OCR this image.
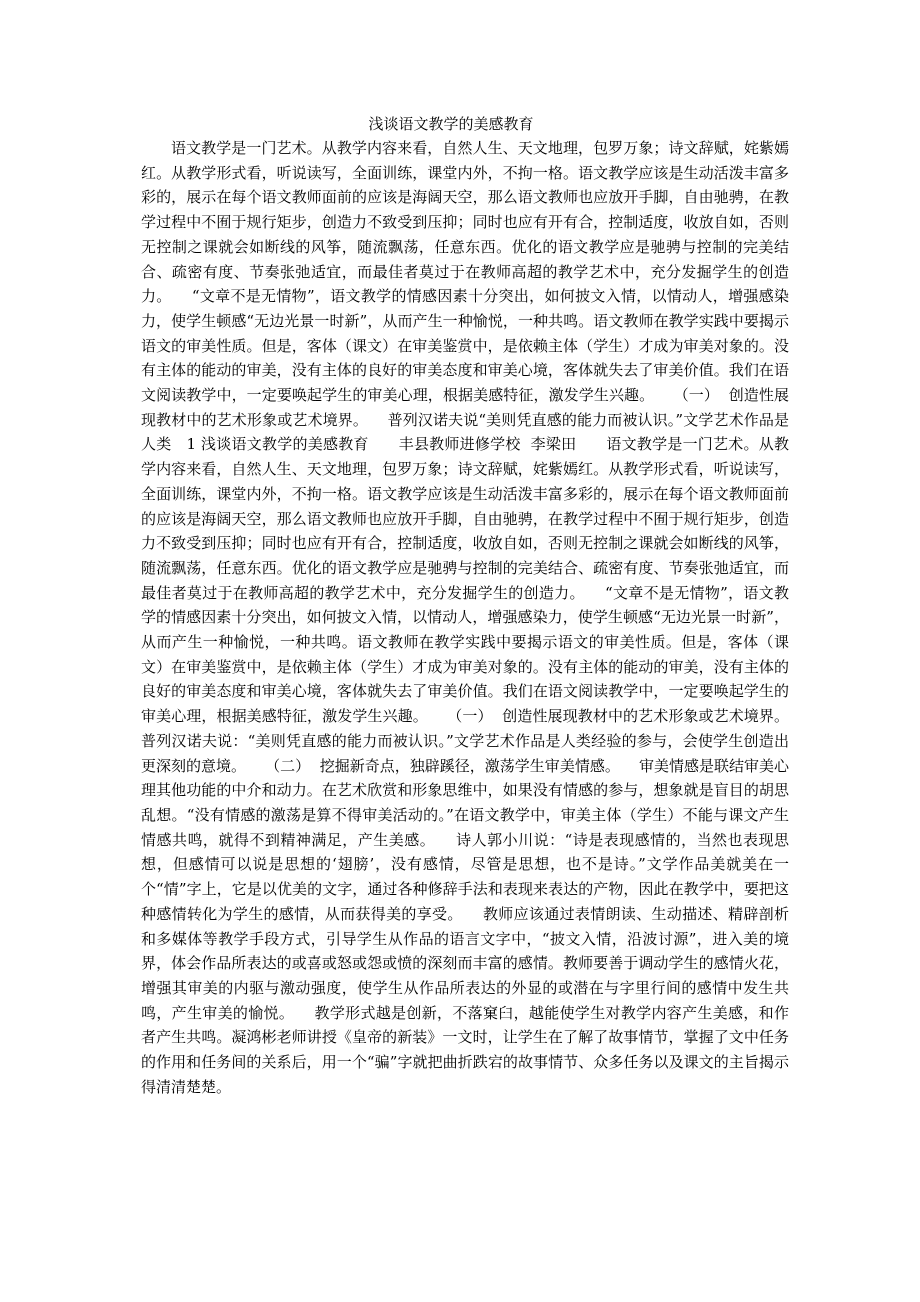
浅谈语文教学的美感教育

语文教学是一门艺术。从教学内容来看，自然人生、天文地理，包罗万象；诗文辞赋，姹紫嫣红。从教学形式看，听说读写，全面训练，课堂内外，不拘一格。语文教学应该是生动活泼丰富多彩的，展示在每个语文教师面前的应该是海阔天空，那么语文教师也应放开手脚，自由驰骋，在教学过程中不囿于规行矩步，创造力不致受到压抑；同时也应有开有合，控制适度，收放自如，否则无控制之课就会如断线的风筝，随流飘荡，任意东西。优化的语文教学应是驰骋与控制的完美结合、疏密有度、节奏张弛适宜，而最佳者莫过于在教师高超的教学艺术中，充分发掘学生的创造力。    “文章不是无情物”，语文教学的情感因素十分突出，如何披文入情，以情动人，增强感染力，使学生顿感“无边光景一时新”，从而产生一种愉悦，一种共鸣。语文教师在教学实践中要揭示语文的审美性质。但是，客体（课文）在审美鉴赏中，是依赖主体（学生）才成为审美对象的。没有主体的能动的审美，没有主体的良好的审美态度和审美心境，客体就失去了审美价值。我们在语文阅读教学中，一定要唤起学生的审美心理，根据美感特征，激发学生兴趣。    （一）  创造性展现教材中的艺术形象或艺术境界。    普列汉诺夫说“美则凭直感的能力而被认识。”文学艺术作品是人类   1 浅谈语文教学的美感教育      丰县教师进修学校  李梁田      语文教学是一门艺术。从教学内容来看，自然人生、天文地理，包罗万象；诗文辞赋，姹紫嫣红。从教学形式看，听说读写，全面训练，课堂内外，不拘一格。语文教学应该是生动活泼丰富多彩的，展示在每个语文教师面前的应该是海阔天空，那么语文教师也应放开手脚，自由驰骋，在教学过程中不囿于规行矩步，创造力不致受到压抑；同时也应有开有合，控制适度，收放自如，否则无控制之课就会如断线的风筝，随流飘荡，任意东西。优化的语文教学应是驰骋与控制的完美结合、疏密有度、节奏张弛适宜，而最佳者莫过于在教师高超的教学艺术中，充分发掘学生的创造力。    “文章不是无情物”，语文教学的情感因素十分突出，如何披文入情，以情动人，增强感染力，使学生顿感“无边光景一时新”，从而产生一种愉悦，一种共鸣。语文教师在教学实践中要揭示语文的审美性质。但是，客体（课文）在审美鉴赏中，是依赖主体（学生）才成为审美对象的。没有主体的能动的审美，没有主体的良好的审美态度和审美心境，客体就失去了审美价值。我们在语文阅读教学中，一定要唤起学生的审美心理，根据美感特征，激发学生兴趣。    （一）  创造性展现教材中的艺术形象或艺术境界。    普列汉诺夫说：“美则凭直感的能力而被认识。”文学艺术作品是人类经验的参与，会使学生创造出更深刻的意境。    （二）  挖掘新奇点，独辟蹊径，激荡学生审美情感。    审美情感是联结审美心理其他功能的中介和动力。在艺术欣赏和形象思维中，如果没有情感的参与，想象就是盲目的胡思乱想。“没有情感的激荡是算不得审美活动的。”在语文教学中，审美主体（学生）不能与课文产生情感共鸣，就得不到精神满足，产生美感。    诗人郭小川说：“诗是表现感情的，当然也表现思想，但感情可以说是思想的‘翅膀’，没有感情，尽管是思想，也不是诗。”文学作品美就美在一个“情”字上，它是以优美的文字，通过各种修辞手法和表现来表达的产物，因此在教学中，要把这种感情转化为学生的感情，从而获得美的享受。    教师应该通过表情朗读、生动描述、精辟剖析和多媒体等教学手段方式，引导学生从作品的语言文字中，“披文入情，沿波讨源”，进入美的境界，体会作品所表达的或喜或怒或怨或愤的深刻而丰富的感情。教师要善于调动学生的感情火花，增强其审美的内驱与激动强度，使学生从作品所表达的外显的或潜在与字里行间的感情中发生共鸣，产生审美的愉悦。    教学形式越是创新，不落窠臼，越能使学生对教学内容产生美感，和作者产生共鸣。凝鸿彬老师讲授《皇帝的新装》一文时，让学生在了解了故事情节，掌握了文中任务的作用和任务间的关系后，用一个“骗”字就把曲折跌宕的故事情节、众多任务以及课文的主旨揭示得清清楚楚。
